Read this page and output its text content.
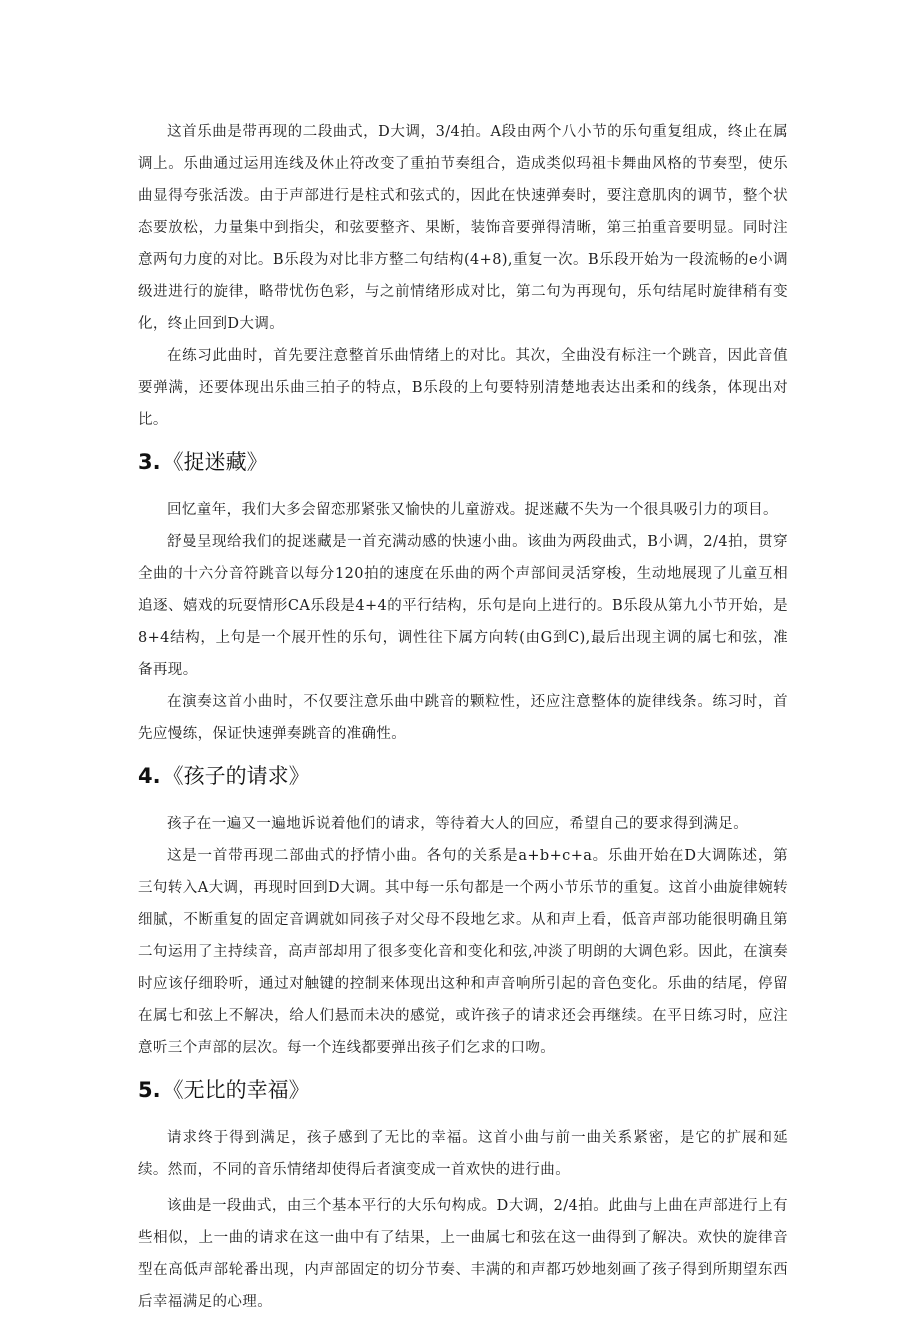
这首乐曲是带再现的二段曲式，D大调，3/4拍。A段由两个八小节的乐句重复组成，终止在属调上。乐曲通过运用连线及休止符改变了重拍节奏组合，造成类似玛祖卡舞曲风格的节奏型，使乐曲显得夸张活泼。由于声部进行是柱式和弦式的，因此在快速弹奏时，要注意肌肉的调节，整个状态要放松，力量集中到指尖，和弦要整齐、果断，装饰音要弹得清晰，第三拍重音要明显。同时注意两句力度的对比。B乐段为对比非方整二句结构(4+8),重复一次。B乐段开始为一段流畅的e小调级进进行的旋律，略带忧伤色彩，与之前情绪形成对比，第二句为再现句，乐句结尾时旋律稍有变化，终止回到D大调。

在练习此曲时，首先要注意整首乐曲情绪上的对比。其次，全曲没有标注一个跳音，因此音值要弹满，还要体现出乐曲三拍子的特点，B乐段的上句要特别清楚地表达出柔和的线条，体现出对比。

3.《捉迷藏》

回忆童年，我们大多会留恋那紧张又愉快的儿童游戏。捉迷藏不失为一个很具吸引力的项目。

舒曼呈现给我们的捉迷藏是一首充满动感的快速小曲。该曲为两段曲式，B小调，2/4拍，贯穿全曲的十六分音符跳音以每分120拍的速度在乐曲的两个声部间灵活穿梭，生动地展现了儿童互相追逐、嬉戏的玩耍情形CA乐段是4+4的平行结构，乐句是向上进行的。B乐段从第九小节开始，是8+4结构，上句是一个展开性的乐句，调性往下属方向转(由G到C),最后出现主调的属七和弦，准备再现。

在演奏这首小曲时，不仅要注意乐曲中跳音的颗粒性，还应注意整体的旋律线条。练习时，首先应慢练，保证快速弹奏跳音的准确性。

4.《孩子的请求》

孩子在一遍又一遍地诉说着他们的请求，等待着大人的回应，希望自己的要求得到满足。

这是一首带再现二部曲式的抒情小曲。各句的关系是a+b+c+a。乐曲开始在D大调陈述，第三句转入A大调，再现时回到D大调。其中每一乐句都是一个两小节乐节的重复。这首小曲旋律婉转细腻，不断重复的固定音调就如同孩子对父母不段地乞求。从和声上看，低音声部功能很明确且第二句运用了主持续音，高声部却用了很多变化音和变化和弦,冲淡了明朗的大调色彩。因此，在演奏时应该仔细聆听，通过对触键的控制来体现出这种和声音响所引起的音色变化。乐曲的结尾，停留在属七和弦上不解决，给人们悬而未决的感觉，或许孩子的请求还会再继续。在平日练习时，应注意听三个声部的层次。每一个连线都要弹出孩子们乞求的口吻。

5.《无比的幸福》

请求终于得到满足，孩子感到了无比的幸福。这首小曲与前一曲关系紧密，是它的扩展和延续。然而，不同的音乐情绪却使得后者演变成一首欢快的进行曲。

该曲是一段曲式，由三个基本平行的大乐句构成。D大调，2/4拍。此曲与上曲在声部进行上有些相似，上一曲的请求在这一曲中有了结果，上一曲属七和弦在这一曲得到了解决。欢快的旋律音型在高低声部轮番出现，内声部固定的切分节奏、丰满的和声都巧妙地刻画了孩子得到所期望东西后幸福满足的心理。
